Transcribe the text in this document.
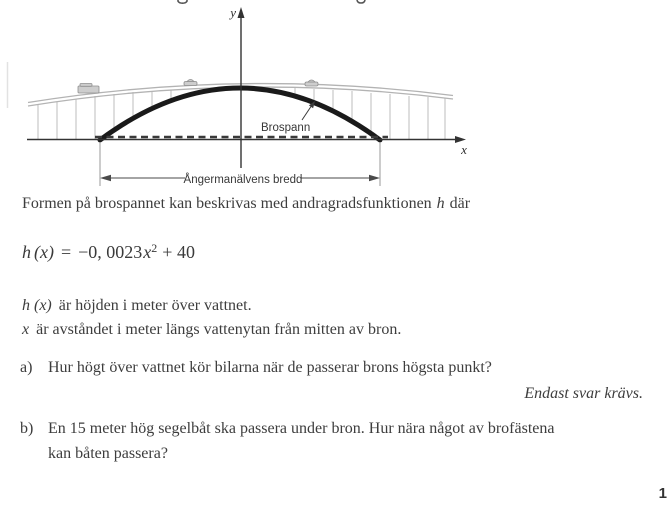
y
x
Brospann
Ångermanälvens bredd
Formen på brospannet kan beskrivas med andragradsfunktionen h där
h (x) = −0, $0023x^2 + 40$
h (x) är höjden i meter över vattnet.
x är avståndet i meter längs vattenytan från mitten av bron.
a) Hur högt över vattnet kör bilarna när de passerar brons högsta punkt?
Endast svar krävs.
b) En 15 meter hög segelbåt ska passera under bron. Hur nära något av brofästena
kan båten passera?
1
